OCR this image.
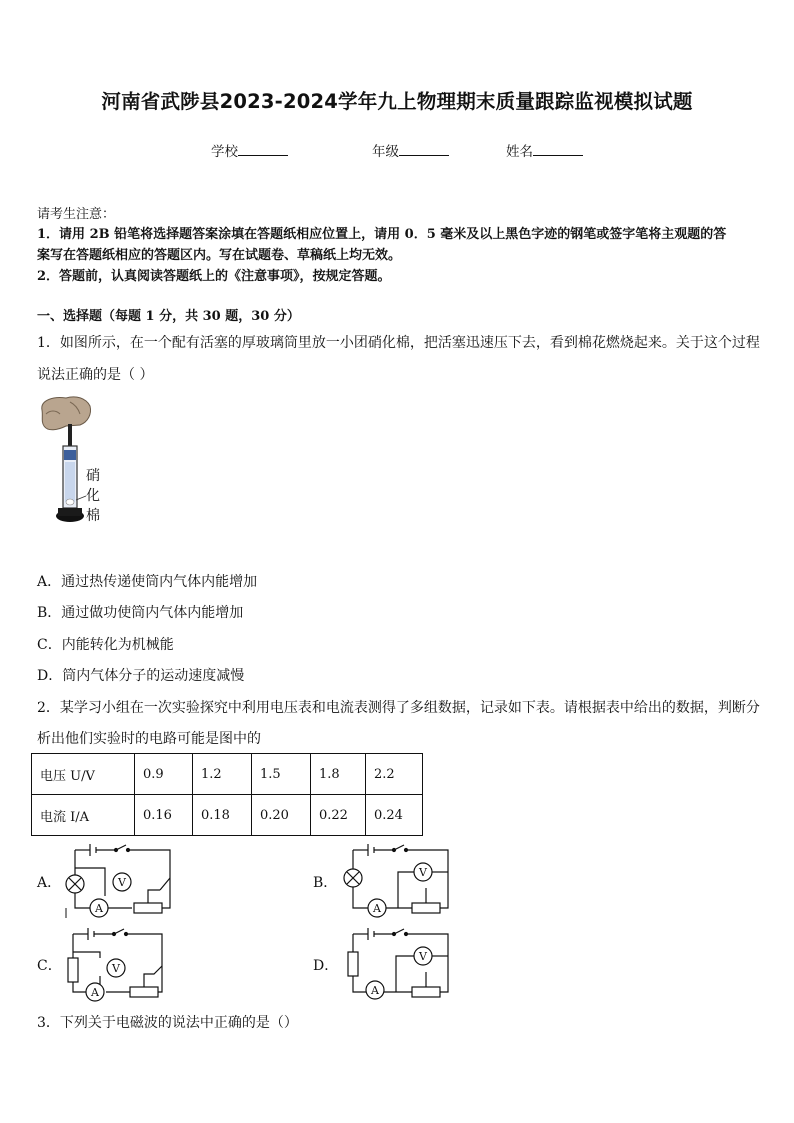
河南省武陟县2023-2024学年九上物理期末质量跟踪监视模拟试题
学校	年级	姓名
请考生注意：
1．请用 2B 铅笔将选择题答案涂填在答题纸相应位置上，请用 0．5 毫米及以上黑色字迹的钢笔或签字笔将主观题的答
案写在答题纸相应的答题区内。写在试题卷、草稿纸上均无效。
2．答题前，认真阅读答题纸上的《注意事项》，按规定答题。
一、选择题（每题 1 分，共 30 题，30 分）
1．如图所示，在一个配有活塞的厚玻璃筒里放一小团硝化棉，把活塞迅速压下去，看到棉花燃烧起来。关于这个过程
说法正确的是（ ）
硝
化
棉
A．通过热传递使筒内气体内能增加
B．通过做功使筒内气体内能增加
C．内能转化为机械能
D．筒内气体分子的运动速度减慢
2．某学习小组在一次实验探究中利用电压表和电流表测得了多组数据，记录如下表。请根据表中给出的数据，判断分
析出他们实验时的电路可能是图中的
电压 U/V	0.9	1.2	1.5	1.8	2.2
电流 I/A	0.16	0.18	0.20	0.22	0.24
A．	B．
C．	D．
V
A
V
A
V
A
V
A
3．下列关于电磁波的说法中正确的是（）
